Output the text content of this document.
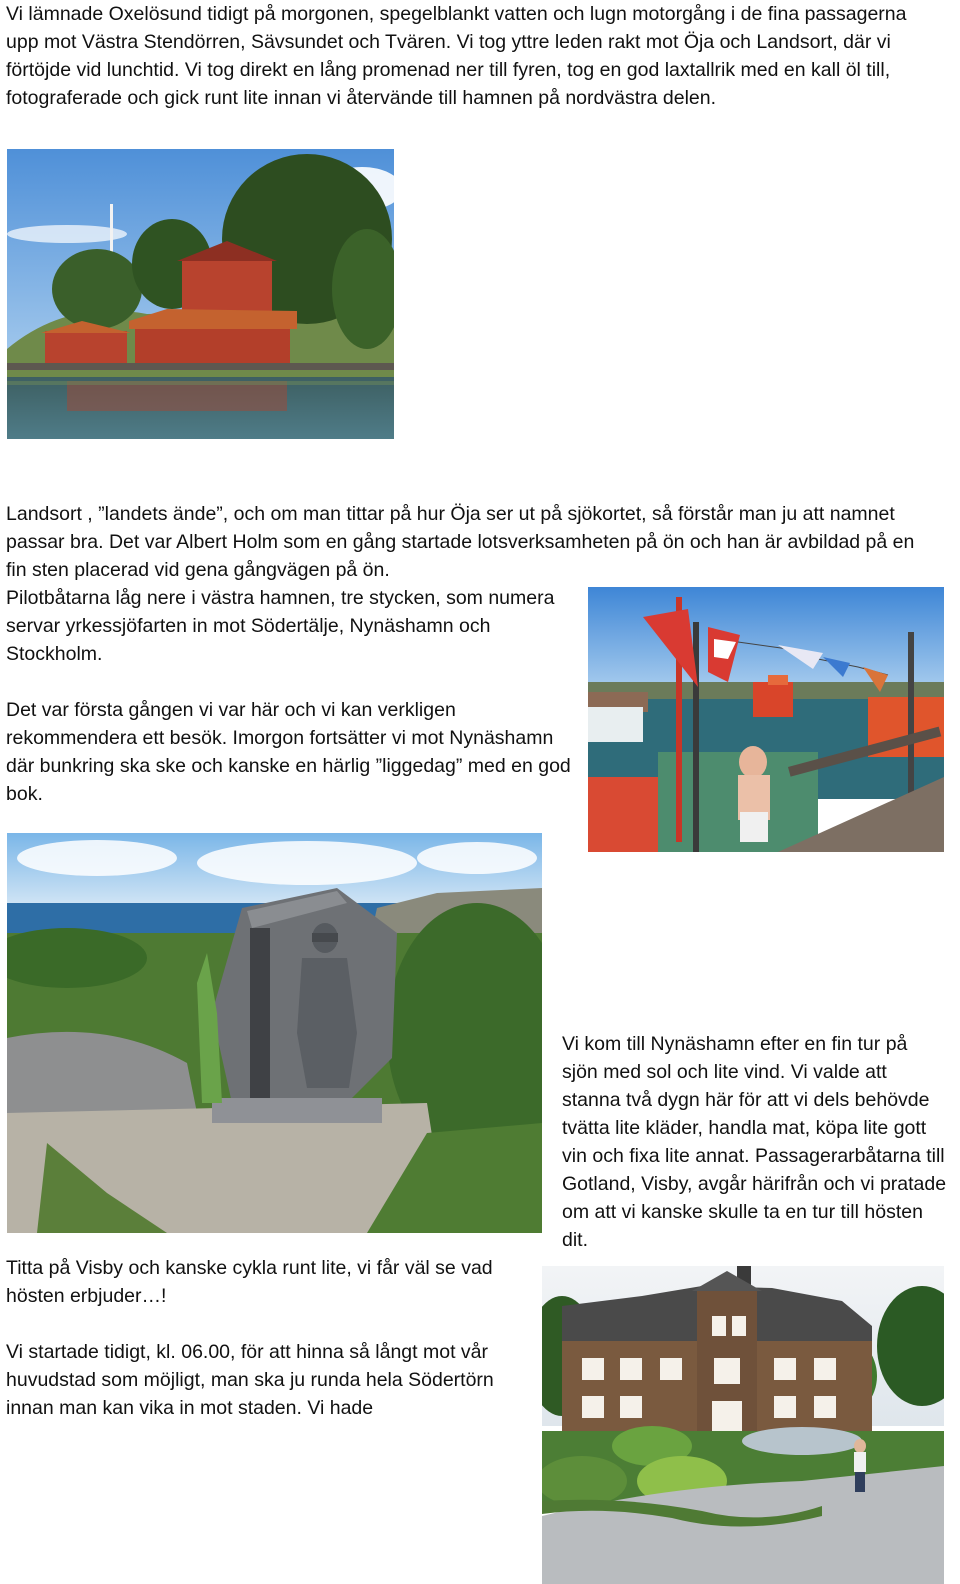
Vi lämnade Oxelösund tidigt på morgonen, spegelblankt vatten och lugn motorgång i de fina passagerna upp mot Västra Stendörren, Sävsundet och Tvären. Vi tog yttre leden rakt mot Öja och Landsort, där vi förtöjde vid lunchtid. Vi tog direkt en lång promenad ner till fyren, tog en god laxtallrik med en kall öl till, fotograferade och gick runt lite innan vi återvände till hamnen på nordvästra delen.

Landsort , ”landets ände”, och om man tittar på hur Öja ser ut på sjökortet, så förstår man ju att namnet passar bra. Det var Albert Holm som en gång startade lotsverksamheten på ön och han är avbildad på en fin sten placerad vid gena gångvägen på ön.

Pilotbåtarna låg nere i västra hamnen, tre stycken, som numera servar yrkessjöfarten in mot Södertälje, Nynäshamn och Stockholm.

Det var första gången vi var här och vi kan verkligen rekommendera ett besök. Imorgon fortsätter vi mot Nynäshamn där bunkring ska ske och kanske en härlig ”liggedag” med en god bok.

Vi kom till Nynäshamn efter en fin tur på sjön med sol och lite vind. Vi valde att stanna två dygn här för att vi dels behövde tvätta lite kläder, handla mat, köpa lite gott vin och fixa lite annat. Passagerarbåtarna till Gotland, Visby, avgår härifrån och vi pratade om att vi kanske skulle ta en tur till hösten dit.

Titta på Visby och kanske cykla runt lite, vi får väl se vad hösten erbjuder…!

Vi startade tidigt, kl. 06.00, för att hinna så långt mot vår huvudstad som möjligt, man ska ju runda hela Södertörn innan man kan vika in mot staden. Vi hade
